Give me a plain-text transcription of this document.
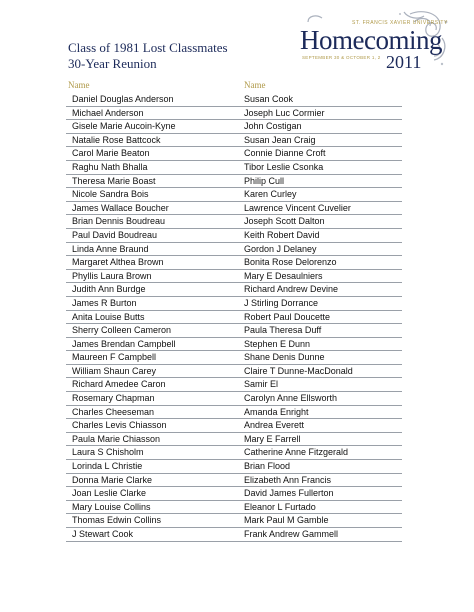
Class of 1981 Lost Classmates
30-Year Reunion
ST. FRANCIS XAVIER UNIVERSITY
Homecoming
SEPTEMBER 30 & OCTOBER 1, 2 2011
Name	Name
Daniel Douglas Anderson	Susan Cook
Michael Anderson	Joseph Luc Cormier
Gisele Marie Aucoin-Kyne	John Costigan
Natalie Rose Battcock	Susan Jean Craig
Carol Marie Beaton	Connie Dianne Croft
Raghu Nath Bhalla	Tibor Leslie Csonka
Theresa Marie Boast	Philip Cull
Nicole Sandra Bois	Karen Curley
James Wallace Boucher	Lawrence Vincent Cuvelier
Brian Dennis Boudreau	Joseph Scott Dalton
Paul David Boudreau	Keith Robert David
Linda Anne Braund	Gordon J Delaney
Margaret Althea Brown	Bonita Rose Delorenzo
Phyllis Laura Brown	Mary E Desaulniers
Judith Ann Burdge	Richard Andrew Devine
James R Burton	J Stirling Dorrance
Anita Louise Butts	Robert Paul Doucette
Sherry Colleen Cameron	Paula Theresa Duff
James Brendan Campbell	Stephen E Dunn
Maureen F Campbell	Shane Denis Dunne
William Shaun Carey	Claire T Dunne-MacDonald
Richard Amedee Caron	Samir El
Rosemary Chapman	Carolyn Anne Ellsworth
Charles Cheeseman	Amanda Enright
Charles Levis Chiasson	Andrea Everett
Paula Marie Chiasson	Mary E Farrell
Laura S Chisholm	Catherine Anne Fitzgerald
Lorinda L Christie	Brian Flood
Donna Marie Clarke	Elizabeth Ann Francis
Joan Leslie Clarke	David James Fullerton
Mary Louise Collins	Eleanor L Furtado
Thomas Edwin Collins	Mark Paul M Gamble
J Stewart Cook	Frank Andrew Gammell
